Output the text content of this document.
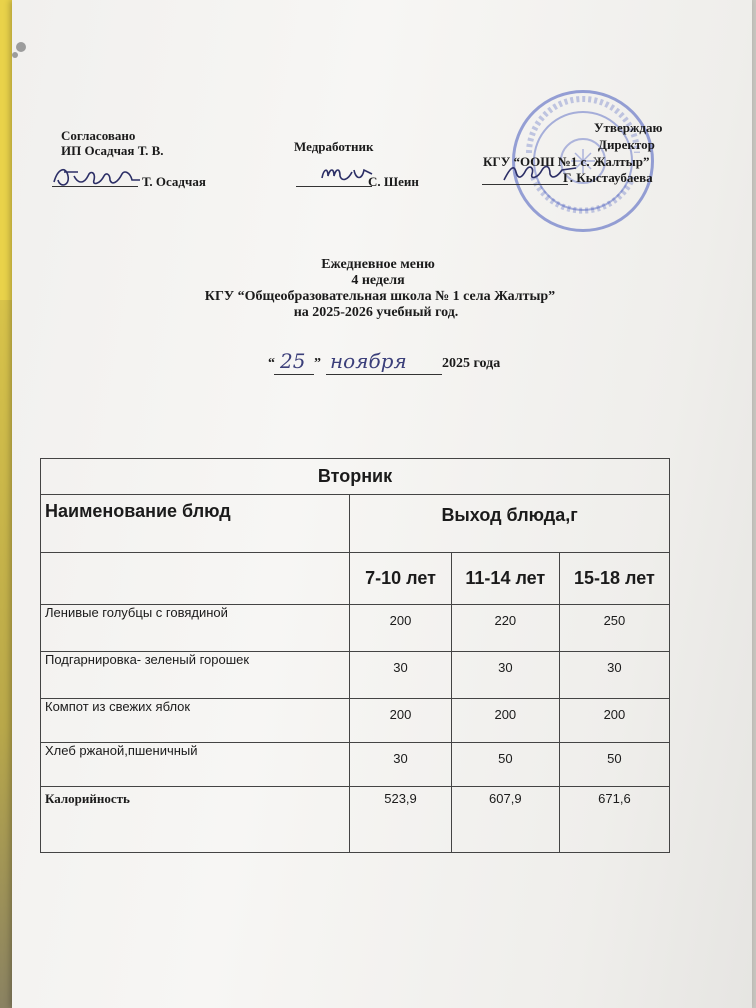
Согласовано
ИП Осадчая Т. В.
Т. Осадчая
Медработник
С. Шеин
Утверждаю
Директор
КГУ “ООШ №1 с. Жалтыр”
Г. Кыстаубаева
Ежедневное меню
4 неделя
КГУ “Общеобразовательная школа № 1 села Жалтыр”
на 2025-2026 учебный год.
“ 25 ” ноября	2025 года
Вторник			
Наименование блюд	Выход блюда,г		
	7-10 лет	11-14 лет	15-18 лет
Ленивые голубцы с говядиной	200	220	250
Подгарнировка- зеленый горошек	30	30	30
Компот из свежих яблок	200	200	200
Хлеб ржаной,пшеничный	30	50	50
Калорийность	523,9	607,9	671,6
